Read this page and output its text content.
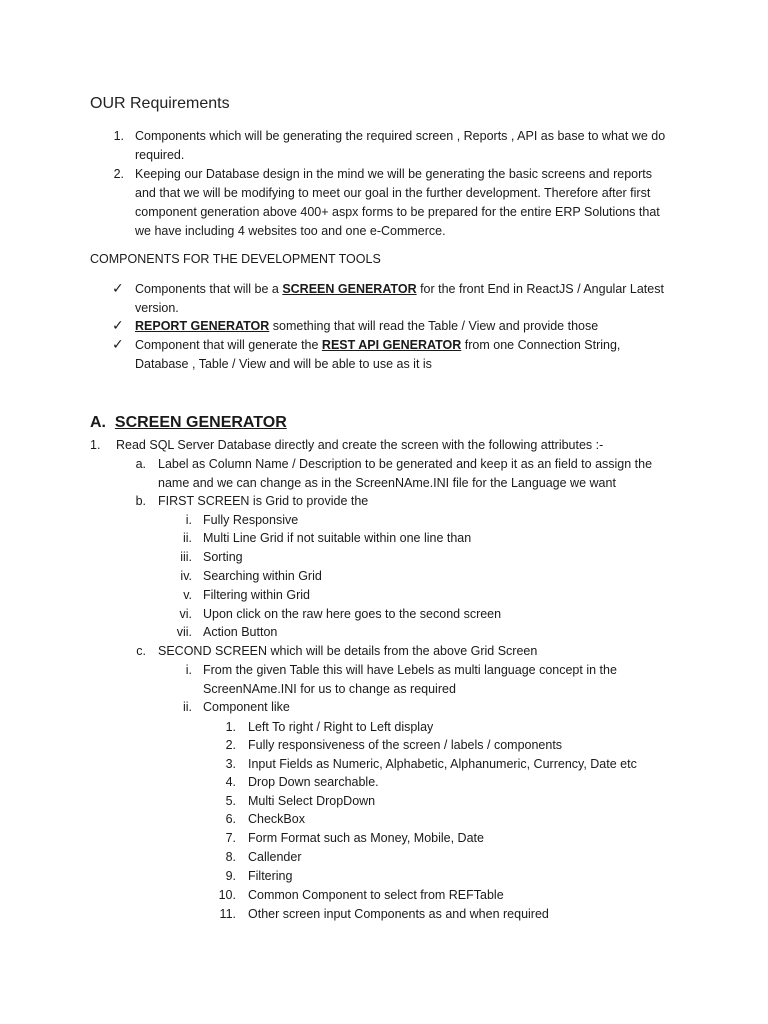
OUR Requirements
1. Components which will be generating the required screen , Reports , API as base to what we do required.
2. Keeping our Database design in the mind we will be generating the basic screens and reports and that we will be modifying to meet our goal in the further development. Therefore after first component generation above 400+ aspx forms to be prepared for the entire ERP Solutions that we have including 4 websites too and one e-Commerce.
COMPONENTS FOR THE DEVELOPMENT TOOLS
✓ Components that will be a SCREEN GENERATOR for the front End in ReactJS / Angular Latest version.
✓ REPORT GENERATOR something that will read the Table / View and provide those
✓ Component that will generate the REST API GENERATOR from one Connection String, Database , Table / View and will be able to use as it is
A. SCREEN GENERATOR
1. Read SQL Server Database directly and create the screen with the following attributes :-
a. Label as Column Name / Description to be generated and keep it as an field to assign the name and we can change as in the ScreenNAme.INI file for the Language we want
b. FIRST SCREEN is Grid to provide the
i. Fully Responsive
ii. Multi Line Grid if not suitable within one line than
iii. Sorting
iv. Searching within Grid
v. Filtering within Grid
vi. Upon click on the raw here goes to the second screen
vii. Action Button
c. SECOND SCREEN which will be details from the above Grid Screen
i. From the given Table this will have Lebels as multi language concept in the ScreenNAme.INI for us to change as required
ii. Component like
1. Left To right / Right to Left display
2. Fully responsiveness of the screen / labels / components
3. Input Fields as Numeric, Alphabetic, Alphanumeric, Currency, Date etc
4. Drop Down searchable.
5. Multi Select DropDown
6. CheckBox
7. Form Format such as Money, Mobile, Date
8. Callender
9. Filtering
10. Common Component to select from REFTable
11. Other screen input Components as and when required
